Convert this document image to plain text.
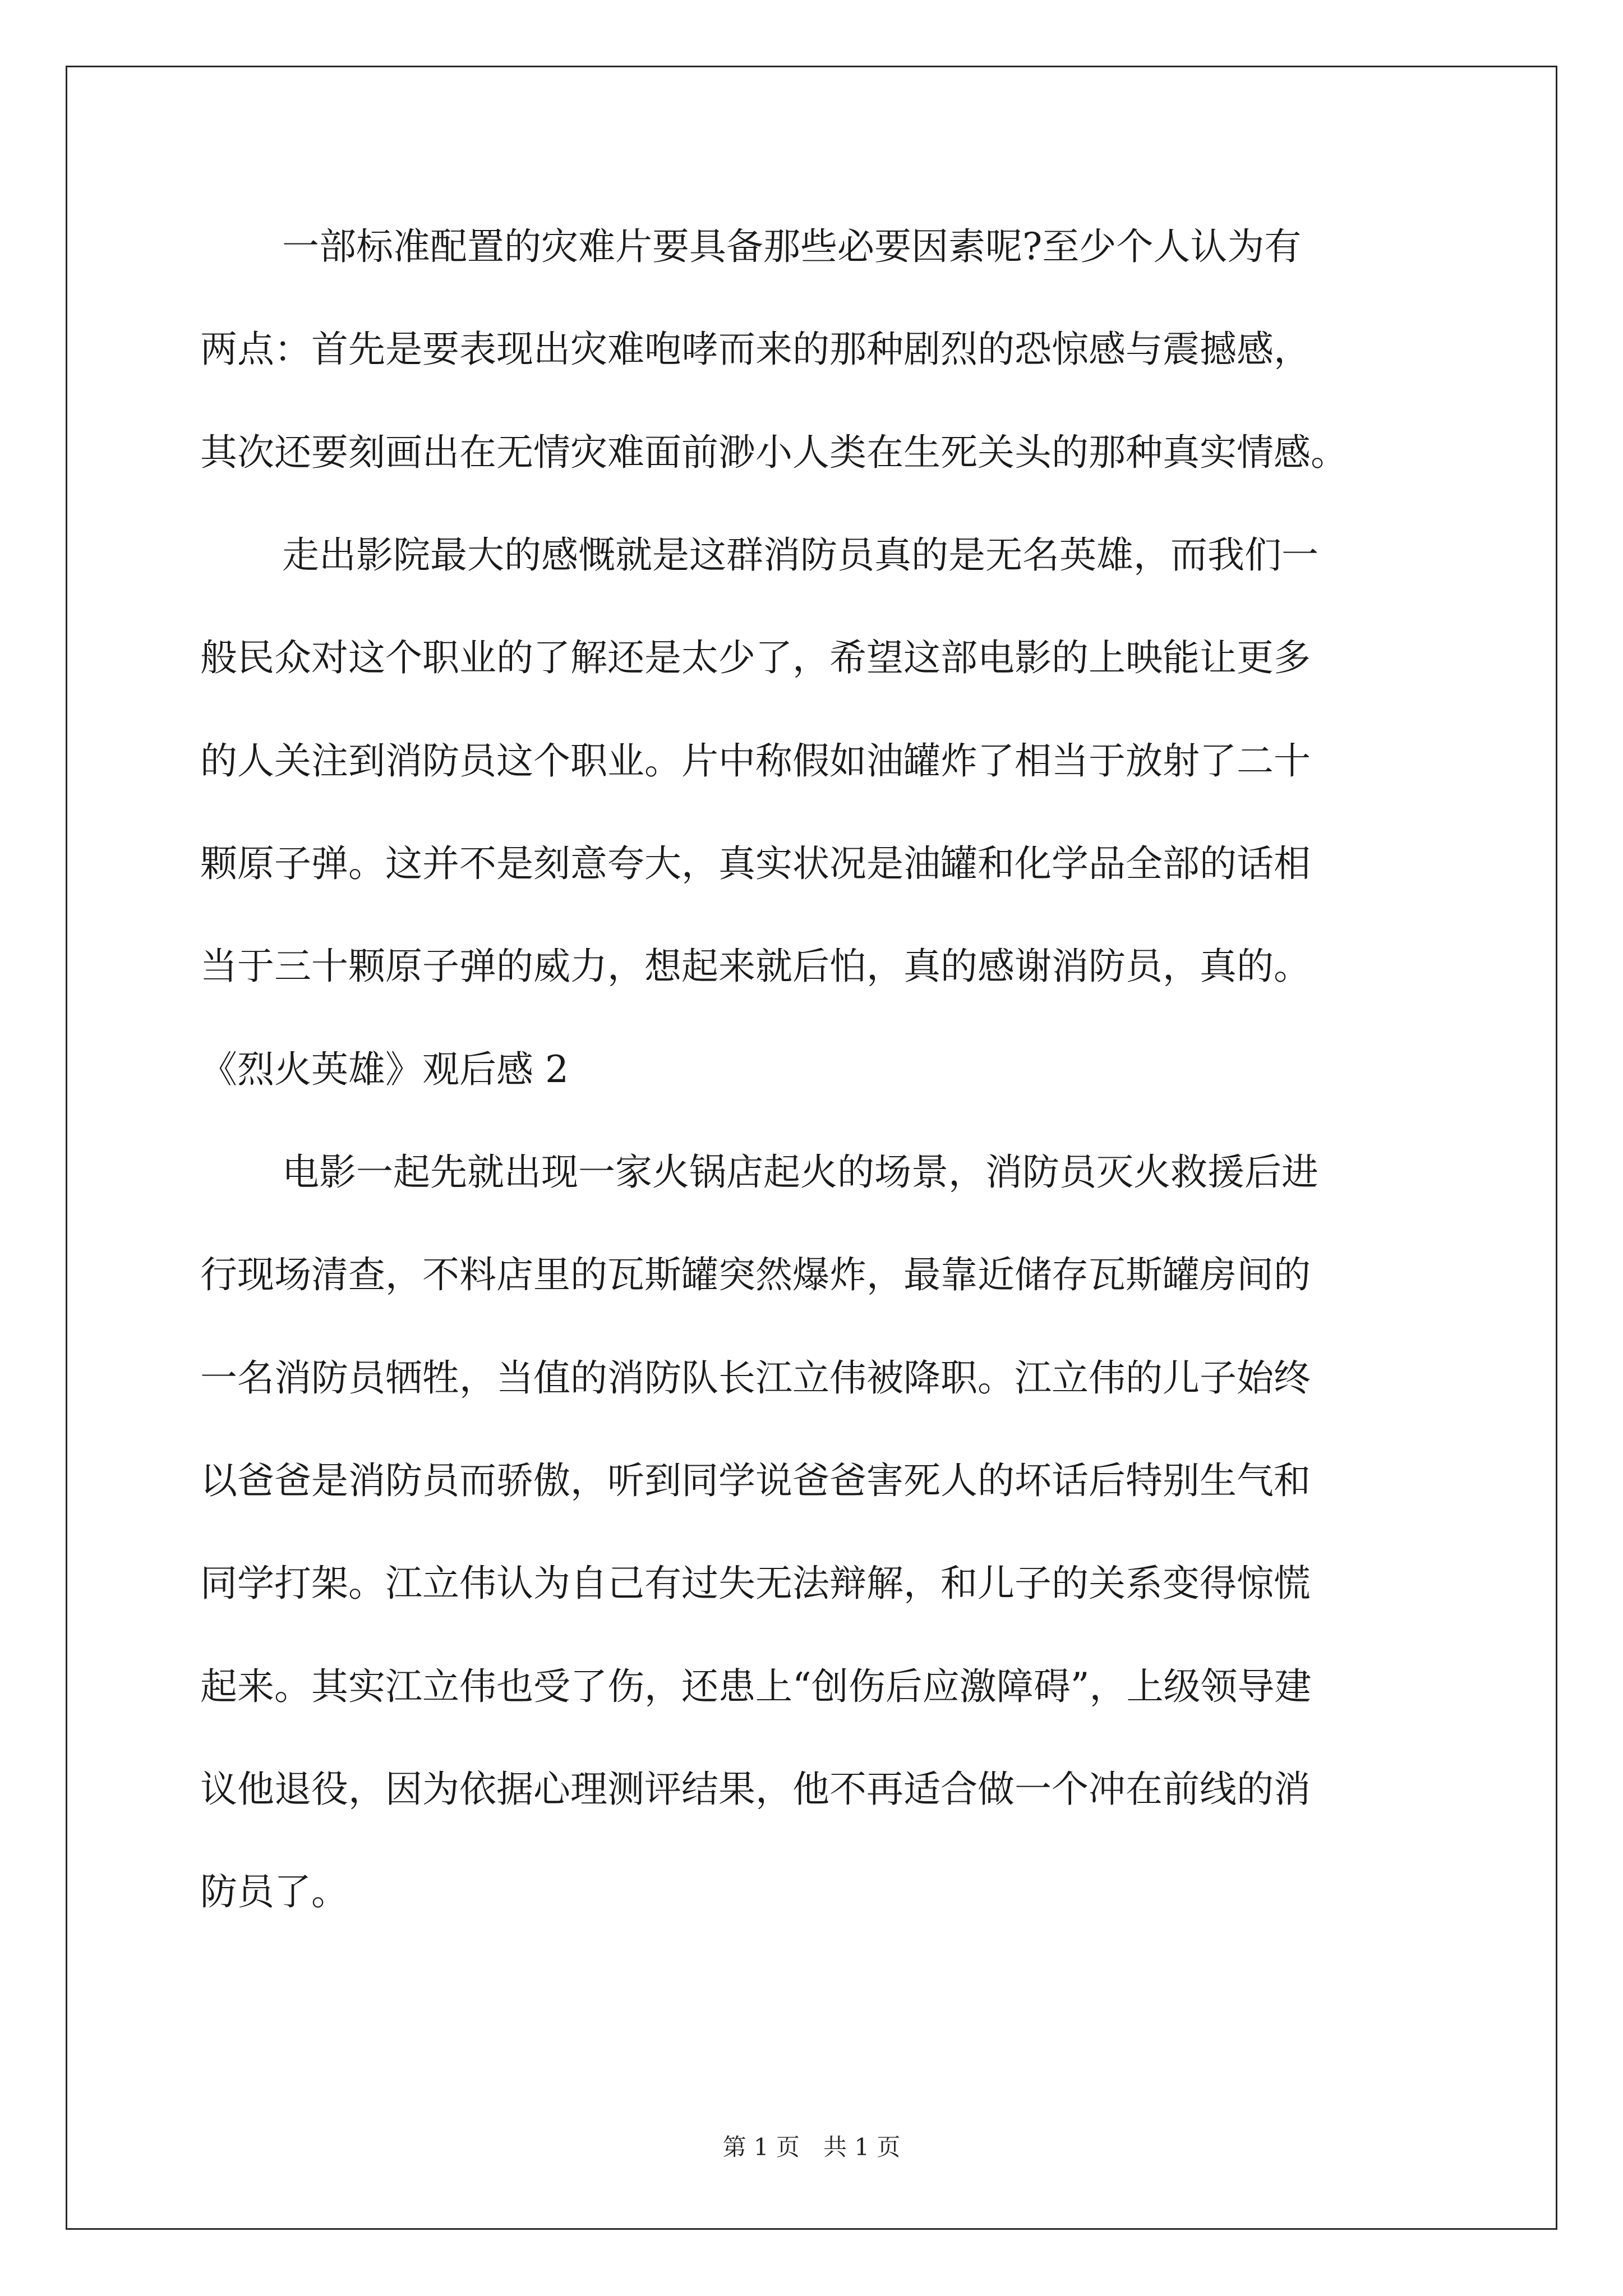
一部标准配置的灾难片要具备那些必要因素呢?至少个人认为有
两点：首先是要表现出灾难咆哮而来的那种剧烈的恐惊感与震撼感，
其次还要刻画出在无情灾难面前渺小人类在生死关头的那种真实情感。
走出影院最大的感慨就是这群消防员真的是无名英雄，而我们一
般民众对这个职业的了解还是太少了，希望这部电影的上映能让更多
的人关注到消防员这个职业。片中称假如油罐炸了相当于放射了二十
颗原子弹。这并不是刻意夸大，真实状况是油罐和化学品全部的话相
当于三十颗原子弹的威力，想起来就后怕，真的感谢消防员，真的。
《烈火英雄》观后感 2
电影一起先就出现一家火锅店起火的场景，消防员灭火救援后进
行现场清查，不料店里的瓦斯罐突然爆炸，最靠近储存瓦斯罐房间的
一名消防员牺牲，当值的消防队长江立伟被降职。江立伟的儿子始终
以爸爸是消防员而骄傲，听到同学说爸爸害死人的坏话后特别生气和
同学打架。江立伟认为自己有过失无法辩解，和儿子的关系变得惊慌
起来。其实江立伟也受了伤，还患上“创伤后应激障碍”，上级领导建
议他退役，因为依据心理测评结果，他不再适合做一个冲在前线的消
防员了。
第 1 页　共 1 页
